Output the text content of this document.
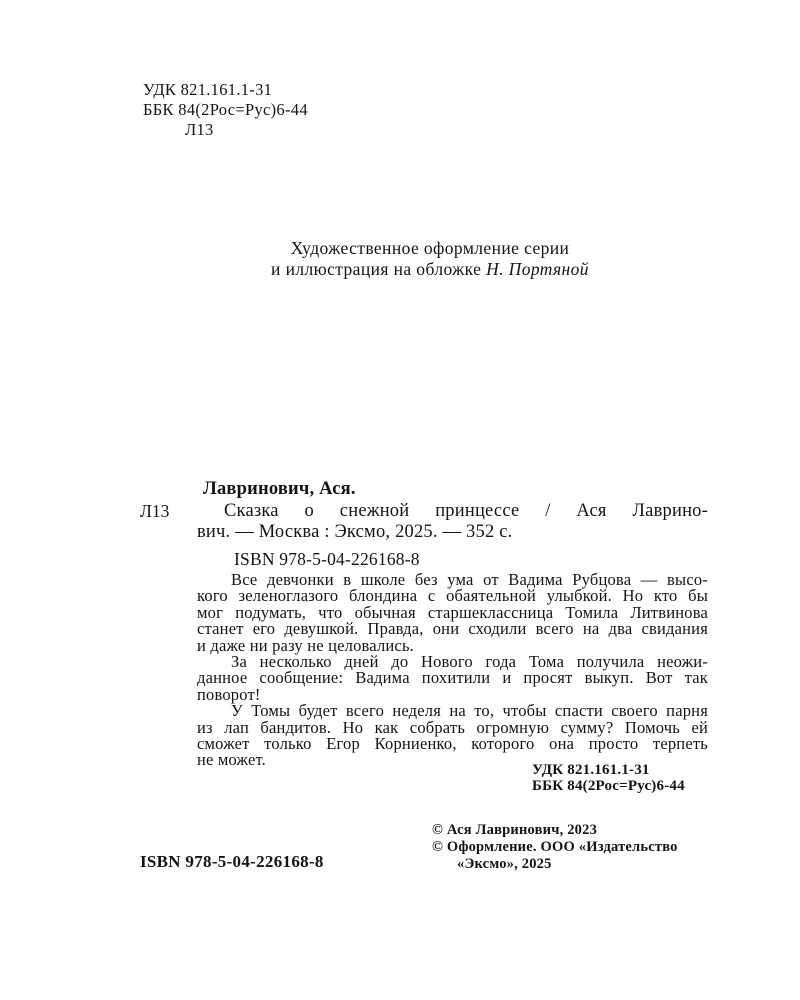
УДК 821.161.1-31
ББК 84(2Рос=Рус)6-44
Л13
Художественное оформление серии
и иллюстрация на обложке Н. Портяной
Л13
Лавринович, Ася.
Сказка о снежной принцессе / Ася Лаврино-
вич. — Москва : Эксмо, 2025. — 352 с.
ISBN 978-5-04-226168-8
Все девчонки в школе без ума от Вадима Рубцова — высо-
кого зеленоглазого блондина с обаятельной улыбкой. Но кто бы
мог подумать, что обычная старшеклассница Томила Литвинова
станет его девушкой. Правда, они сходили всего на два свидания
и даже ни разу не целовались.
За несколько дней до Нового года Тома получила неожи-
данное сообщение: Вадима похитили и просят выкуп. Вот так
поворот!
У Томы будет всего неделя на то, чтобы спасти своего парня
из лап бандитов. Но как собрать огромную сумму? Помочь ей
сможет только Егор Корниенко, которого она просто терпеть
не может.
УДК 821.161.1-31
ББК 84(2Рос=Рус)6-44
© Ася Лавринович, 2023
© Оформление. ООО «Издательство
«Эксмо», 2025
ISBN 978-5-04-226168-8
